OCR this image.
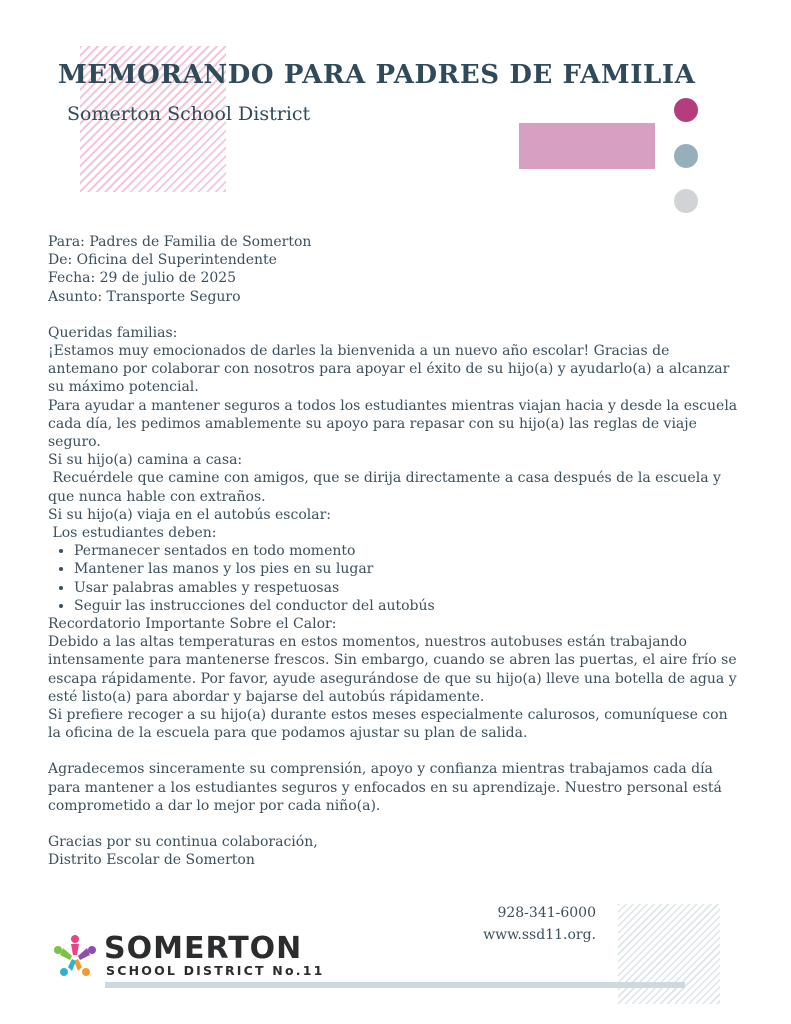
MEMORANDO PARA PADRES DE FAMILIA
Somerton School District

Para: Padres de Familia de Somerton

De: Oficina del Superintendente

Fecha: 29 de julio de 2025

Asunto: Transporte Seguro

Queridas familias:

¡Estamos muy emocionados de darles la bienvenida a un nuevo año escolar! Gracias de antemano por colaborar con nosotros para apoyar el éxito de su hijo(a) y ayudarlo(a) a alcanzar su máximo potencial.

Para ayudar a mantener seguros a todos los estudiantes mientras viajan hacia y desde la escuela cada día, les pedimos amablemente su apoyo para repasar con su hijo(a) las reglas de viaje seguro.

Si su hijo(a) camina a casa:

Recuérdele que camine con amigos, que se dirija directamente a casa después de la escuela y que nunca hable con extraños.

Si su hijo(a) viaja en el autobús escolar:

Los estudiantes deben:

• Permanecer sentados en todo momento
• Mantener las manos y los pies en su lugar
• Usar palabras amables y respetuosas
• Seguir las instrucciones del conductor del autobús

Recordatorio Importante Sobre el Calor:

Debido a las altas temperaturas en estos momentos, nuestros autobuses están trabajando intensamente para mantenerse frescos. Sin embargo, cuando se abren las puertas, el aire frío se escapa rápidamente. Por favor, ayude asegurándose de que su hijo(a) lleve una botella de agua y esté listo(a) para abordar y bajarse del autobús rápidamente.

Si prefiere recoger a su hijo(a) durante estos meses especialmente calurosos, comuníquese con la oficina de la escuela para que podamos ajustar su plan de salida.

Agradecemos sinceramente su comprensión, apoyo y confianza mientras trabajamos cada día para mantener a los estudiantes seguros y enfocados en su aprendizaje. Nuestro personal está comprometido a dar lo mejor por cada niño(a).

Gracias por su continua colaboración,

Distrito Escolar de Somerton

928-341-6000
www.ssd11.org.
SOMERTON
SCHOOL DISTRICT No.11
